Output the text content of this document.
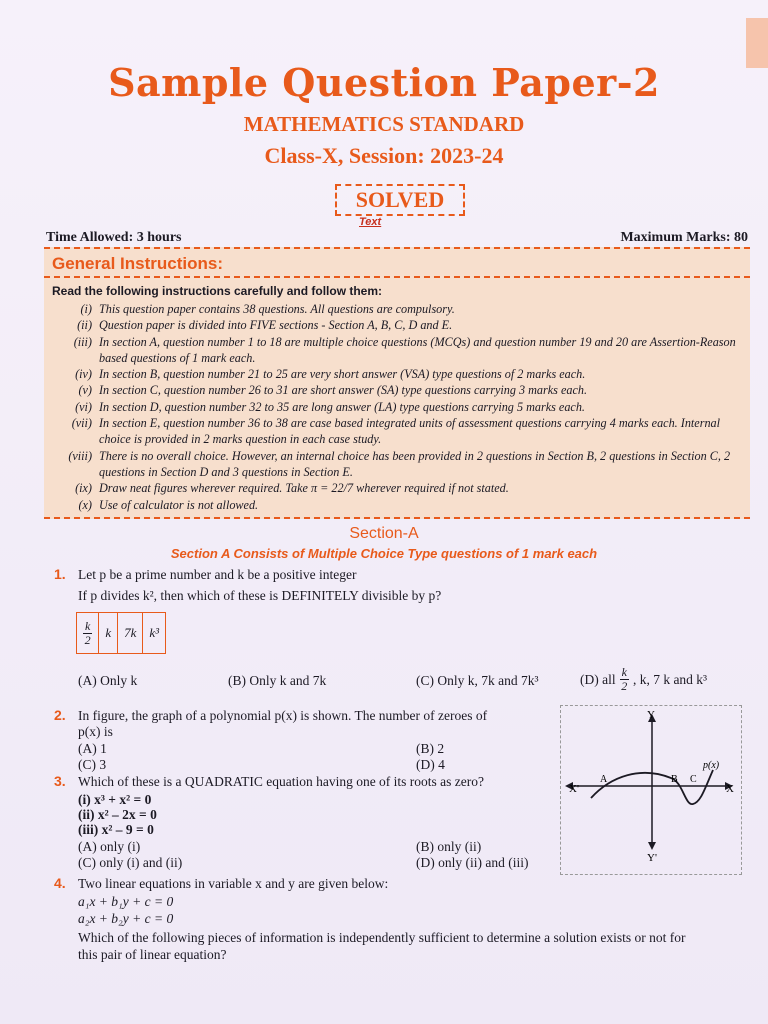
Sample Question Paper-2
MATHEMATICS STANDARD
Class-X, Session: 2023-24
SOLVED
Text
Time Allowed: 3 hours	Maximum Marks: 80
General Instructions:
Read the following instructions carefully and follow them:
(i) This question paper contains 38 questions. All questions are compulsory.
(ii) Question paper is divided into FIVE sections - Section A, B, C, D and E.
(iii) In section A, question number 1 to 18 are multiple choice questions (MCQs) and question number 19 and 20 are Assertion-Reason based questions of 1 mark each.
(iv) In section B, question number 21 to 25 are very short answer (VSA) type questions of 2 marks each.
(v) In section C, question number 26 to 31 are short answer (SA) type questions carrying 3 marks each.
(vi) In section D, question number 32 to 35 are long answer (LA) type questions carrying 5 marks each.
(vii) In section E, question number 36 to 38 are case based integrated units of assessment questions carrying 4 marks each. Internal choice is provided in 2 marks question in each case study.
(viii) There is no overall choice. However, an internal choice has been provided in 2 questions in Section B, 2 questions in Section C, 2 questions in Section D and 3 questions in Section E.
(ix) Draw neat figures wherever required. Take π = 22/7 wherever required if not stated.
(x) Use of calculator is not allowed.
Section-A
Section A Consists of Multiple Choice Type questions of 1 mark each
1. Let p be a prime number and k be a positive integer
If p divides k², then which of these is DEFINITELY divisible by p?
$\frac{k}{2}$	k	7k	k³
(A) Only k	(B) Only k and 7k	(C) Only k, 7k and 7k³	(D) all $\frac{k}{2}$ , k, 7 k and k³
2. In figure, the graph of a polynomial p(x) is shown. The number of zeroes of
p(x) is
(A) 1	(B) 2
(C) 3	(D) 4
X'	X
Y
Y'
A	B C
p(x)
3. Which of these is a QUADRATIC equation having one of its roots as zero?
(i) x³ + x² = 0
(ii) x² – 2x = 0
(iii) x² – 9 = 0
(A) only (i)	(B) only (ii)
(C) only (i) and (ii)	(D) only (ii) and (iii)
4. Two linear equations in variable x and y are given below:
a₁x + b₁y + c = 0
a₂x + b₂y + c = 0
Which of the following pieces of information is independently sufficient to determine a solution exists or not for
this pair of linear equation?
